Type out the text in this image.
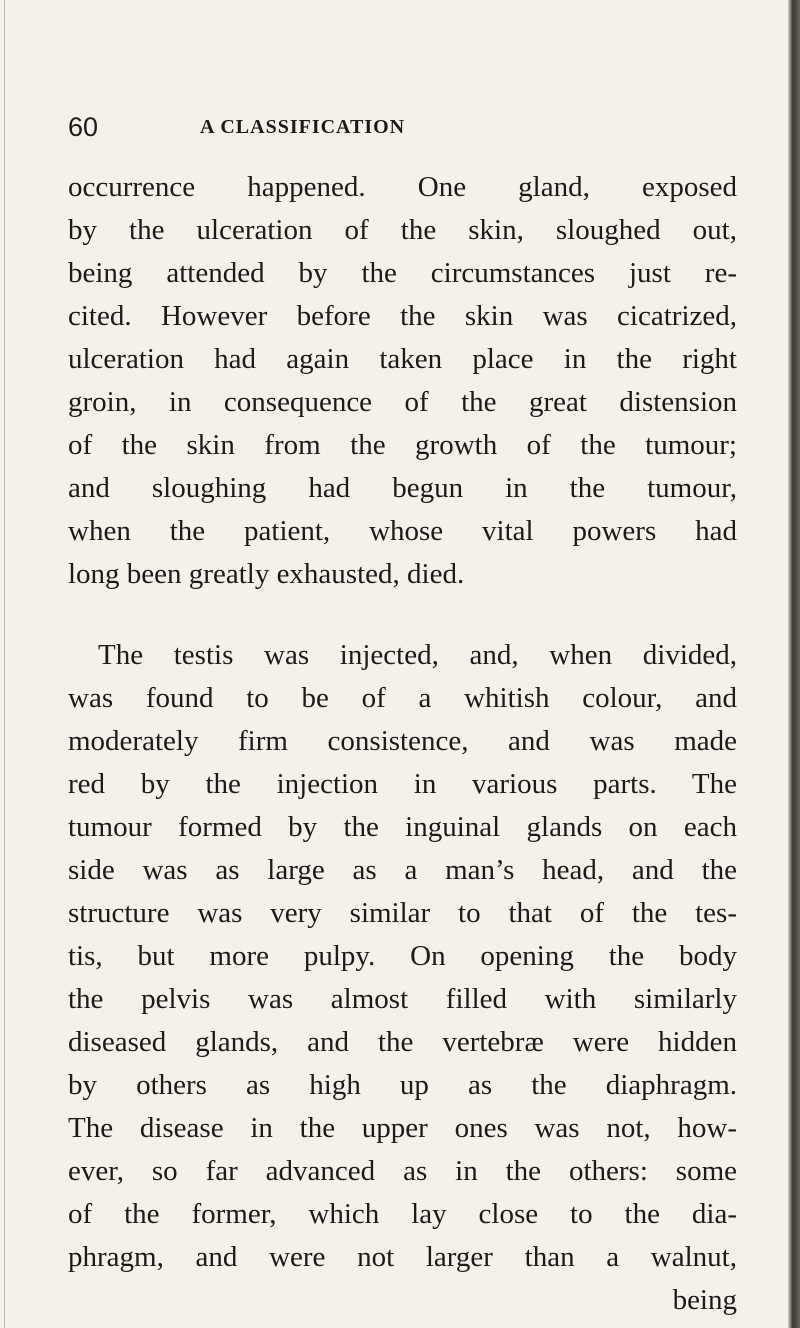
60	A CLASSIFICATION
occurrence happened. One gland, exposed
by the ulceration of the skin, sloughed out,
being attended by the circumstances just re-
cited. However before the skin was cicatrized,
ulceration had again taken place in the right
groin, in consequence of the great distension
of the skin from the growth of the tumour;
and sloughing had begun in the tumour,
when the patient, whose vital powers had
long been greatly exhausted, died.
The testis was injected, and, when divided,
was found to be of a whitish colour, and
moderately firm consistence, and was made
red by the injection in various parts. The
tumour formed by the inguinal glands on each
side was as large as a man’s head, and the
structure was very similar to that of the tes-
tis, but more pulpy. On opening the body
the pelvis was almost filled with similarly
diseased glands, and the vertebræ were hidden
by others as high up as the diaphragm.
The disease in the upper ones was not, how-
ever, so far advanced as in the others: some
of the former, which lay close to the dia-
phragm, and were not larger than a walnut,
being
